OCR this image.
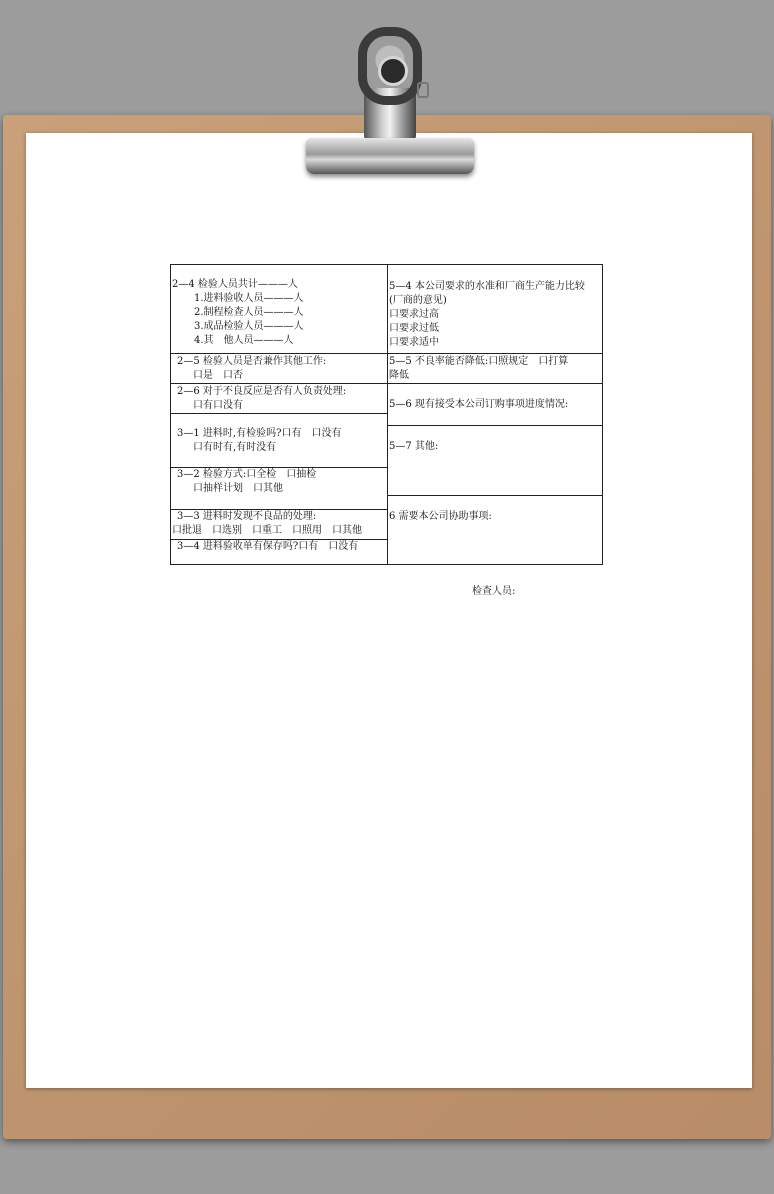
2—4 检验人员共计———人
1.进料验收人员———人
2.制程检查人员———人
3.成品检验人员———人
4.其　他人员———人
2—5 检验人员是否兼作其他工作:
口是　口否
2—6 对于不良反应是否有人负责处理:
口有口没有
3—1 进料时,有检验吗?口有　口没有
口有时有,有时没有
3—2 检验方式:口全检　口抽检
口抽样计划　口其他
3—3 进料时发现不良品的处理:
口批退　口选别　口重工　口照用　口其他
3—4 进料验收单有保存吗?口有　口没有
5—4 本公司要求的水准和厂商生产能力比较
(厂商的意见)
口要求过高
口要求过低
口要求适中
5—5 不良率能否降低:口照规定　口打算
降低
5—6 现有接受本公司订购事项进度情况:
5—7 其他:
6 需要本公司协助事项:
检查人员:
